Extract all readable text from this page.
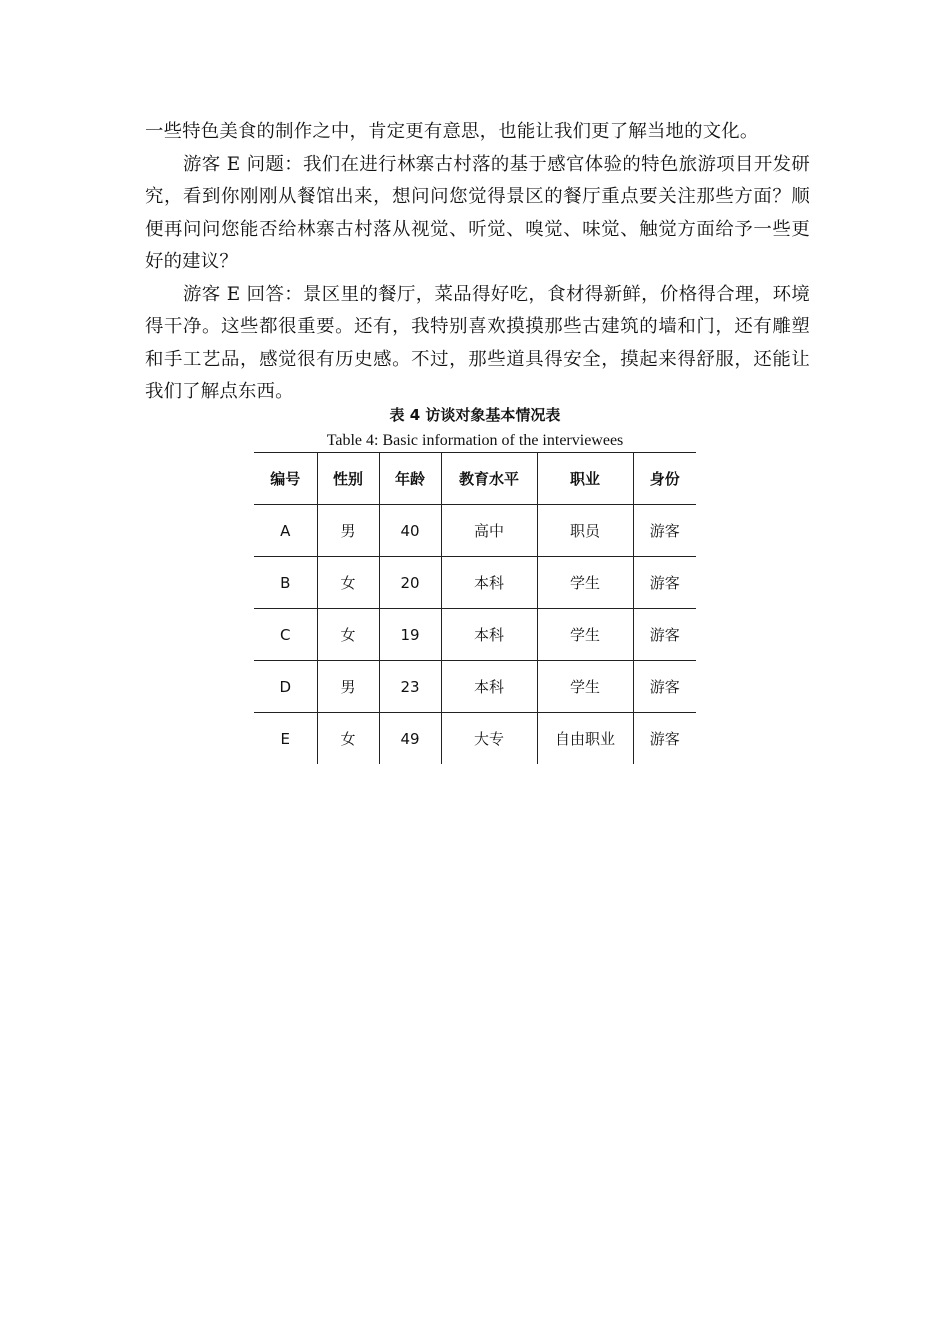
一些特色美食的制作之中，肯定更有意思，也能让我们更了解当地的文化。

游客 E 问题：我们在进行林寨古村落的基于感官体验的特色旅游项目开发研究，看到你刚刚从餐馆出来，想问问您觉得景区的餐厅重点要关注那些方面？顺便再问问您能否给林寨古村落从视觉、听觉、嗅觉、味觉、触觉方面给予一些更好的建议？

游客 E 回答：景区里的餐厅，菜品得好吃，食材得新鲜，价格得合理，环境得干净。这些都很重要。还有，我特别喜欢摸摸那些古建筑的墙和门，还有雕塑和手工艺品，感觉很有历史感。不过，那些道具得安全，摸起来得舒服，还能让我们了解点东西。

表 4 访谈对象基本情况表
Table 4: Basic information of the interviewees
编号	性别	年龄	教育水平	职业	身份
A	男	40	高中	职员	游客
B	女	20	本科	学生	游客
C	女	19	本科	学生	游客
D	男	23	本科	学生	游客
E	女	49	大专	自由职业	游客
